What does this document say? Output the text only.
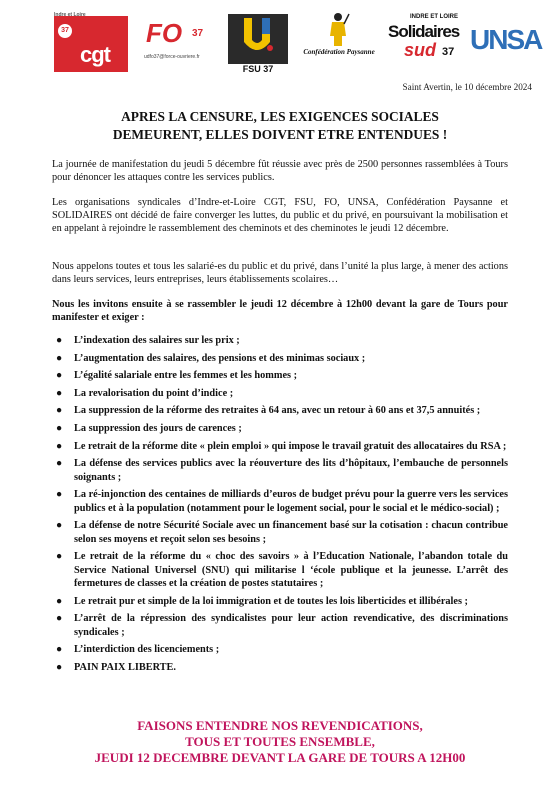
Indre et Loire
37
cgt
FO 37
udfo37@force-ouvriere.fr
FSU 37
Confédération Paysanne
INDRE ET LOIRE
Solidaires
sud 37 UNSA
Saint Avertin, le 10 décembre 2024
APRES LA CENSURE, LES EXIGENCES SOCIALES
DEMEURENT, ELLES DOIVENT ETRE ENTENDUES !
La journée de manifestation du jeudi 5 décembre fût réussie avec près de 2500 personnes rassemblées à Tours pour dénoncer les attaques contre les services publics.
Les organisations syndicales d’Indre-et-Loire CGT, FSU, FO, UNSA, Confédération Paysanne et SOLIDAIRES ont décidé de faire converger les luttes, du public et du privé, en poursuivant la mobilisation et en appelant à rejoindre le rassemblement des cheminots et des cheminotes le jeudi 12 décembre.
Nous appelons toutes et tous les salarié-es du public et du privé, dans l’unité la plus large, à mener des actions dans leurs services, leurs entreprises, leurs établissements scolaires…
Nous les invitons ensuite à se rassembler le jeudi 12 décembre à 12h00 devant la gare de Tours pour manifester et exiger :
● L’indexation des salaires sur les prix ;
● L’augmentation des salaires, des pensions et des minimas sociaux ;
● L’égalité salariale entre les femmes et les hommes ;
● La revalorisation du point d’indice ;
● La suppression de la réforme des retraites à 64 ans, avec un retour à 60 ans et 37,5 annuités ;
● La suppression des jours de carences ;
● Le retrait de la réforme dite « plein emploi » qui impose le travail gratuit des allocataires du RSA ;
● La défense des services publics avec la réouverture des lits d’hôpitaux, l’embauche de personnels soignants ;
● La ré-injonction des centaines de milliards d’euros de budget prévu pour la guerre vers les services publics et à la population (notamment pour le logement social, pour le social et le médico-social) ;
● La défense de notre Sécurité Sociale avec un financement basé sur la cotisation : chacun contribue selon ses moyens et reçoit selon ses besoins ;
● Le retrait de la réforme du « choc des savoirs » à l’Education Nationale, l’abandon totale du Service National Universel (SNU) qui militarise l ‘école publique et la jeunesse. L’arrêt des fermetures de classes et la création de postes statutaires ;
● Le retrait pur et simple de la loi immigration et de toutes les lois liberticides et illibérales ;
● L’arrêt de la répression des syndicalistes pour leur action revendicative, des discriminations syndicales ;
● L’interdiction des licenciements ;
● PAIN PAIX LIBERTE.
FAISONS ENTENDRE NOS REVENDICATIONS,
TOUS ET TOUTES ENSEMBLE,
JEUDI 12 DECEMBRE DEVANT LA GARE DE TOURS A 12H00
